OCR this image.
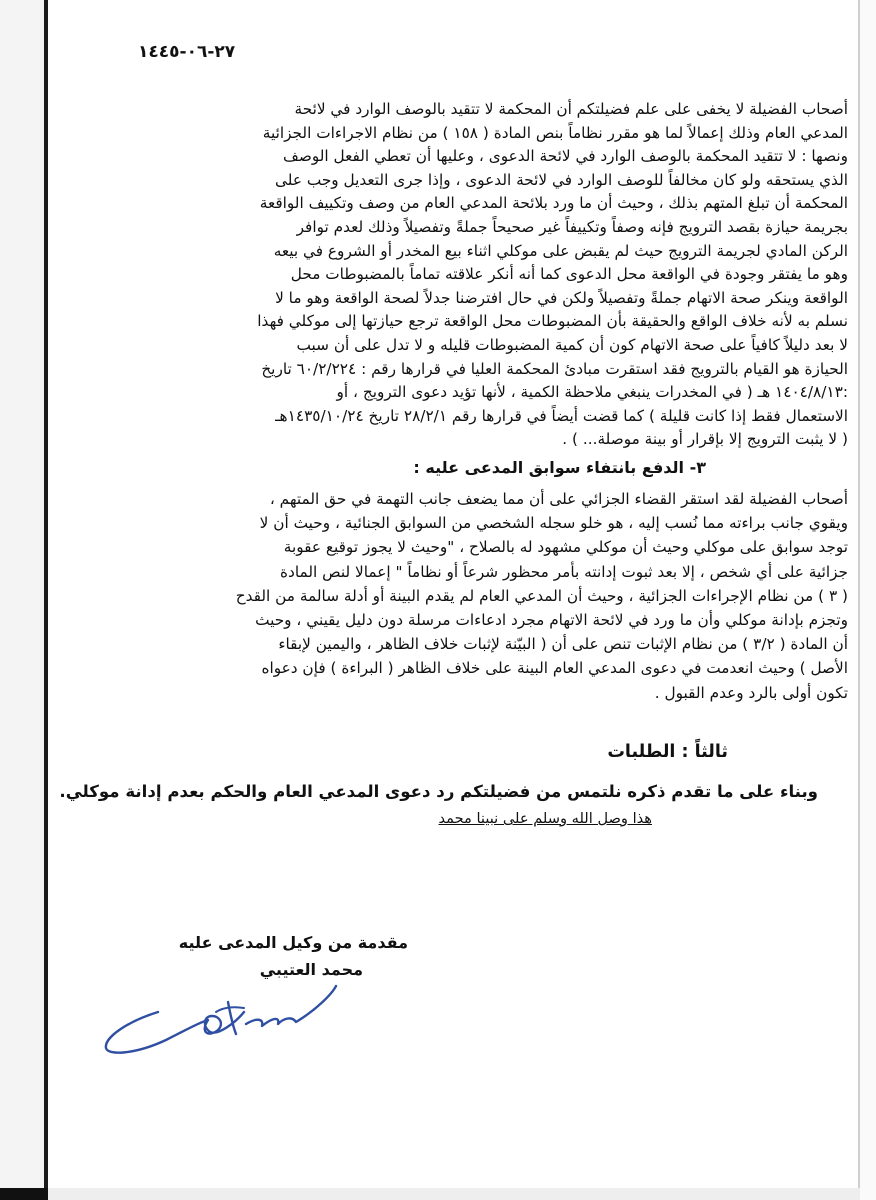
٢٧-٠٦-١٤٤٥
أصحاب الفضيلة لا يخفى على علم فضيلتكم أن المحكمة لا تتقيد بالوصف الوارد في لائحة
المدعي العام وذلك إعمالاً لما هو مقرر نظاماً بنص المادة ( ١٥٨ ) من نظام الاجراءات الجزائية
ونصها : لا تتقيد المحكمة بالوصف الوارد في لائحة الدعوى ، وعليها أن تعطي الفعل الوصف
الذي يستحقه ولو كان مخالفاً للوصف الوارد في لائحة الدعوى ، وإذا جرى التعديل وجب على
المحكمة أن تبلغ المتهم بذلك ، وحيث أن ما ورد بلائحة المدعي العام من وصف وتكييف الواقعة
بجريمة حيازة بقصد الترويج فإنه وصفاً وتكييفاً غير صحيحاً جملةً وتفصيلاً وذلك لعدم توافر
الركن المادي لجريمة الترويج حيث لم يقبض على موكلي اثناء بيع المخدر أو الشروع في بيعه
وهو ما يفتقر وجودة في الواقعة محل الدعوى كما أنه أنكر علاقته تماماً بالمضبوطات محل
الواقعة وينكر صحة الاتهام جملةً وتفصيلاً ولكن في حال افترضنا جدلاً لصحة الواقعة وهو ما لا
نسلم به لأنه خلاف الواقع والحقيقة بأن المضبوطات محل الواقعة ترجع حيازتها إلى موكلي فهذا
لا بعد دليلاً كافياً على صحة الاتهام كون أن كمية المضبوطات قليله و لا تدل على أن سبب
الحيازة هو القيام بالترويج فقد استقرت مبادئ المحكمة العليا في قرارها رقم : ٦٠/٢/٢٢٤ تاريخ
:١٤٠٤/٨/١٣ هـ ( في المخدرات ينبغي ملاحظة الكمية ، لأنها تؤيد دعوى الترويج ، أو
الاستعمال فقط إذا كانت قليلة ) كما قضت أيضاً في قرارها رقم ٢٨/٢/١ تاريخ ١٤٣٥/١٠/٢٤هـ
( لا يثبت الترويج إلا بإقرار أو بينة موصلة... ) .
٣- الدفع بانتفاء سوابق المدعى عليه :
أصحاب الفضيلة لقد استقر القضاء الجزائي على أن مما يضعف جانب التهمة في حق المتهم ،
ويقوي جانب براءته مما نُسب إليه ، هو خلو سجله الشخصي من السوابق الجنائية ، وحيث أن لا
توجد سوابق على موكلي وحيث أن موكلي مشهود له بالصلاح ، "وحيث لا يجوز توقيع عقوبة
جزائية على أي شخص ، إلا بعد ثبوت إدانته بأمر محظور شرعاً أو نظاماً " إعمالا لنص المادة
( ٣ ) من نظام الإجراءات الجزائية ، وحيث أن المدعي العام لم يقدم البينة أو أدلة سالمة من القدح
وتجزم بإدانة موكلي وأن ما ورد في لائحة الاتهام مجرد ادعاءات مرسلة دون دليل يقيني ، وحيث
أن المادة ( ٣/٢ ) من نظام الإثبات تنص على أن ( البيّنة لإثبات خلاف الظاهر ، واليمين لإبقاء
الأصل ) وحيث انعدمت في دعوى المدعي العام البينة على خلاف الظاهر ( البراءة ) فإن دعواه
تكون أولى بالرد وعدم القبول .
ثالثاً : الطلبات
وبناء على ما تقدم ذكره نلتمس من فضيلتكم رد دعوى المدعي العام والحكم بعدم إدانة موكلي.
هذا وصل الله وسلم على نبينا محمد
مقدمة من وكيل المدعى عليه
محمد العتيبي
